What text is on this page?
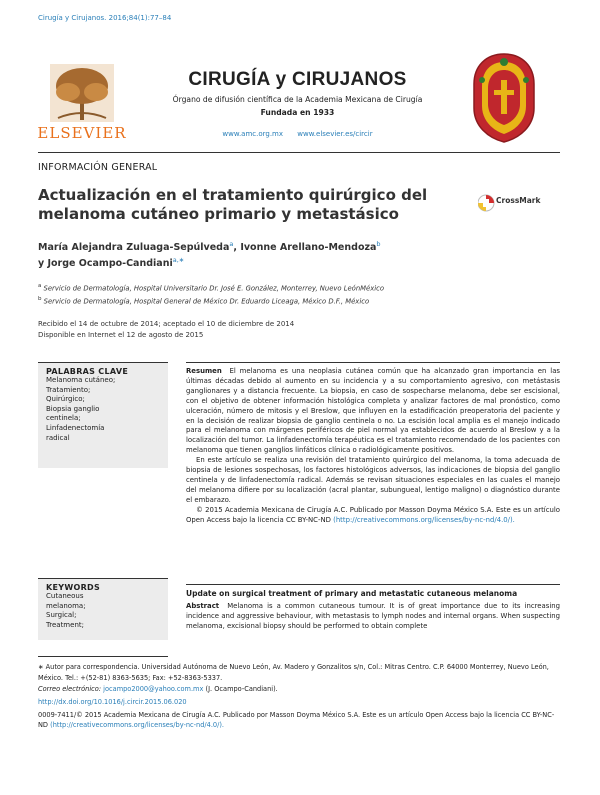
Cirugía y Cirujanos. 2016;84(1):77–84
ELSEVIER
CIRUGÍA y CIRUJANOS
Órgano de difusión científica de la Academia Mexicana de Cirugía
Fundada en 1933
www.amc.org.mx www.elsevier.es/circir
INFORMACIÓN GENERAL
Actualización en el tratamiento quirúrgico del
melanoma cutáneo primario y metastásico
CrossMark
María Alejandra Zuluaga-Sepúlveda$^a$, Ivonne Arellano-Mendoza$^b$
y Jorge Ocampo-Candiani$^{a,∗}$
$^a$ Servicio de Dermatología, Hospital Universitario Dr. José E. González, Monterrey, Nuevo LeónMéxico
$^b$ Servicio de Dermatología, Hospital General de México Dr. Eduardo Liceaga, México D.F., México
Recibido el 14 de octubre de 2014; aceptado el 10 de diciembre de 2014
Disponible en Internet el 12 de agosto de 2015
PALABRAS CLAVE
Melanoma cutáneo;
Tratamiento;
Quirúrgico;
Biopsia ganglio
centinela;
Linfadenectomía
radical

Resumen El melanoma es una neoplasia cutánea común que ha alcanzado gran importancia en las últimas décadas debido al aumento en su incidencia y a su comportamiento agresivo, con metástasis ganglionares y a distancia frecuente. La biopsia, en caso de sospecharse melanoma, debe ser escisional, con el objetivo de obtener información histológica completa y analizar factores de mal pronóstico, como ulceración, número de mitosis y el Breslow, que influyen en la estadificación preoperatoria del paciente y en la decisión de realizar biopsia de ganglio centinela o no. La escisión local amplia es el manejo indicado para el melanoma con márgenes periféricos de piel normal ya establecidos de acuerdo al Breslow y a la localización del tumor. La linfadenectomía terapéutica es el tratamiento recomendado de los pacientes con melanoma que tienen ganglios linfáticos clínica o radiológicamente positivos.

En este artículo se realiza una revisión del tratamiento quirúrgico del melanoma, la toma adecuada de biopsia de lesiones sospechosas, los factores histológicos adversos, las indicaciones de biopsia del ganglio centinela y de linfadenectomía radical. Además se revisan situaciones especiales en las cuales el manejo del melanoma difiere por su localización (acral plantar, subungueal, lentigo maligno) o diagnóstico durante el embarazo.

© 2015 Academia Mexicana de Cirugía A.C. Publicado por Masson Doyma México S.A. Este es un artículo Open Access bajo la licencia CC BY-NC-ND (http://creativecommons.org/licenses/by-nc-nd/4.0/).

KEYWORDS
Cutaneous
melanoma;
Surgical;
Treatment;
Update on surgical treatment of primary and metastatic cutaneous melanoma
Abstract Melanoma is a common cutaneous tumour. It is of great importance due to its increasing incidence and aggressive behaviour, with metastasis to lymph nodes and internal organs. When suspecting melanoma, excisional biopsy should be performed to obtain complete
∗ Autor para correspondencia. Universidad Autónoma de Nuevo León, Av. Madero y Gonzalitos s/n, Col.: Mitras Centro. C.P. 64000 Monterrey, Nuevo León, México. Tel.: +(52-81) 8363-5635; Fax: +52-8363-5337.
Correo electrónico: jocampo2000@yahoo.com.mx (J. Ocampo-Candiani).
http://dx.doi.org/10.1016/j.circir.2015.06.020
0009-7411/© 2015 Academia Mexicana de Cirugía A.C. Publicado por Masson Doyma México S.A. Este es un artículo Open Access bajo la licencia CC BY-NC-ND (http://creativecommons.org/licenses/by-nc-nd/4.0/).
